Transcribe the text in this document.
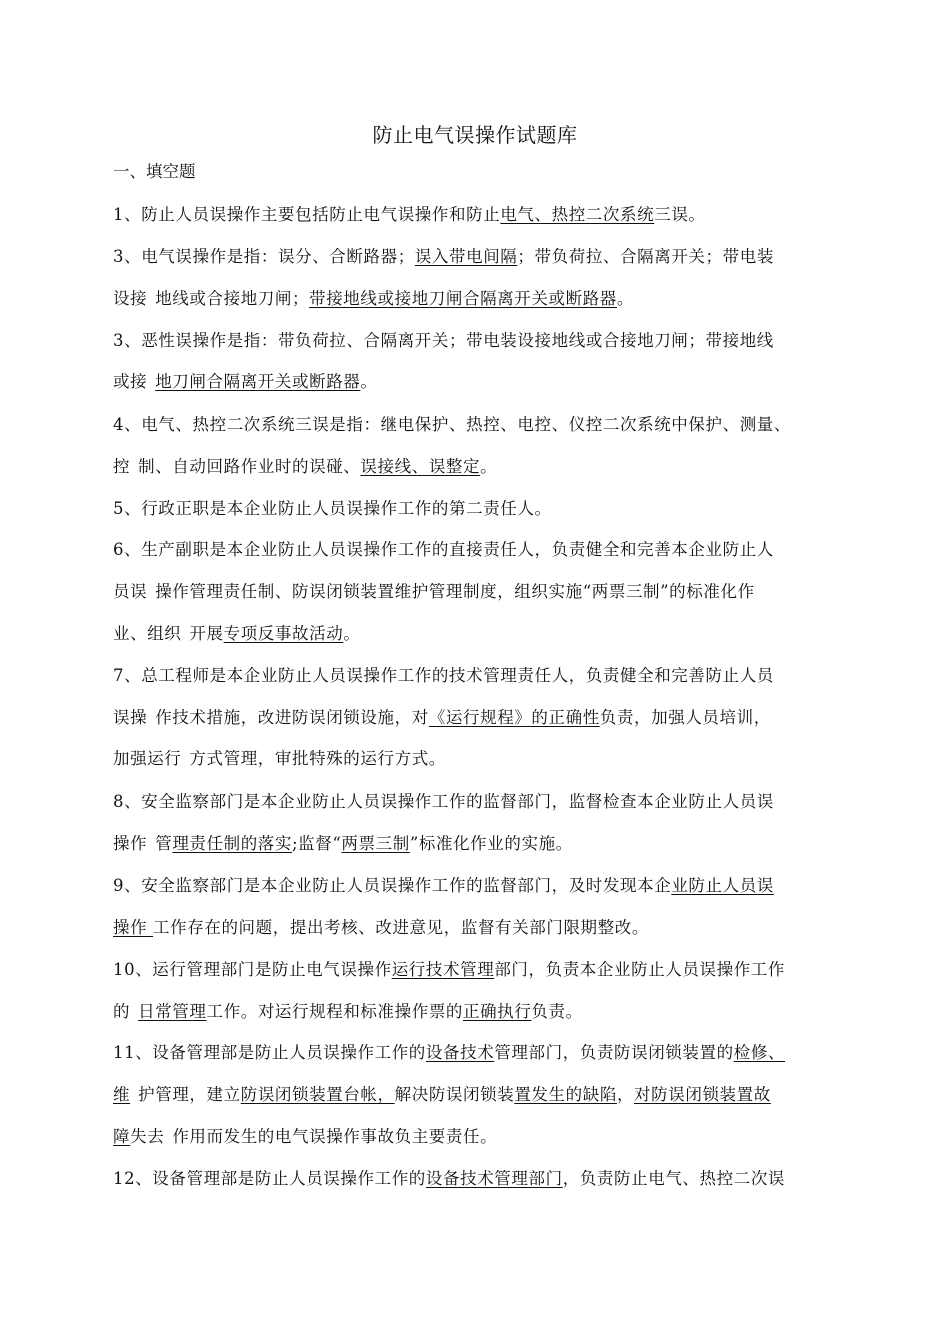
防止电气误操作试题库
一、填空题
1、防止人员误操作主要包括防止电气误操作和防止电气、热控二次系统三误。
3、电气误操作是指：误分、合断路器；误入带电间隔；带负荷拉、合隔离开关；带电装
设接 地线或合接地刀闸；带接地线或接地刀闸合隔离开关或断路器。
3、恶性误操作是指：带负荷拉、合隔离开关；带电装设接地线或合接地刀闸；带接地线
或接 地刀闸合隔离开关或断路器。
4、电气、热控二次系统三误是指：继电保护、热控、电控、仪控二次系统中保护、测量、
控 制、自动回路作业时的误碰、误接线、误整定。
5、行政正职是本企业防止人员误操作工作的第二责任人。
6、生产副职是本企业防止人员误操作工作的直接责任人，负责健全和完善本企业防止人
员误 操作管理责任制、防误闭锁装置维护管理制度，组织实施“两票三制”的标准化作
业、组织 开展专项反事故活动。
7、总工程师是本企业防止人员误操作工作的技术管理责任人，负责健全和完善防止人员
误操 作技术措施，改进防误闭锁设施，对《运行规程》的正确性负责，加强人员培训，
加强运行 方式管理，审批特殊的运行方式。
8、安全监察部门是本企业防止人员误操作工作的监督部门，监督检查本企业防止人员误
操作 管理责任制的落实;监督“两票三制”标准化作业的实施。
9、安全监察部门是本企业防止人员误操作工作的监督部门，及时发现本企业防止人员误
操作 工作存在的问题，提出考核、改进意见，监督有关部门限期整改。
10、运行管理部门是防止电气误操作运行技术管理部门，负责本企业防止人员误操作工作
的 日常管理工作。对运行规程和标准操作票的正确执行负责。
11、设备管理部是防止人员误操作工作的设备技术管理部门，负责防误闭锁装置的检修、
维 护管理，建立防误闭锁装置台帐，解决防误闭锁装置发生的缺陷，对防误闭锁装置故
障失去 作用而发生的电气误操作事故负主要责任。
12、设备管理部是防止人员误操作工作的设备技术管理部门，负责防止电气、热控二次误
